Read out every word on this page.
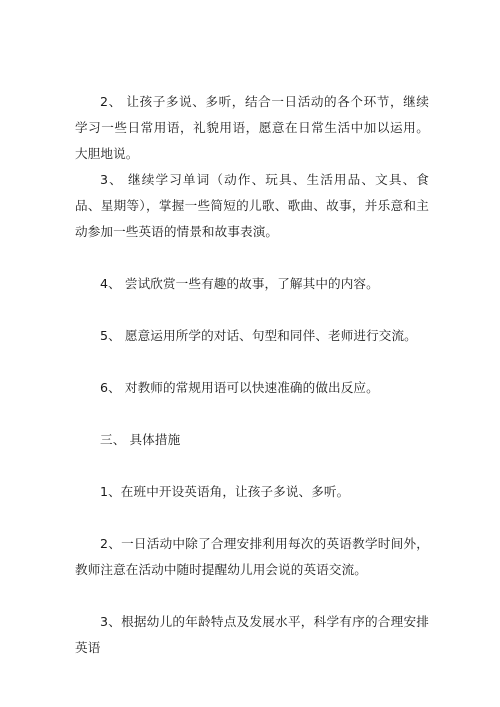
2、 让孩子多说、多听，结合一日活动的各个环节，继续学习一些日常用语，礼貌用语，愿意在日常生活中加以运用。大胆地说。

3、 继续学习单词（动作、玩具、生活用品、文具、食品、星期等），掌握一些简短的儿歌、歌曲、故事，并乐意和主动参加一些英语的情景和故事表演。

4、 尝试欣赏一些有趣的故事，了解其中的内容。

5、 愿意运用所学的对话、句型和同伴、老师进行交流。

6、 对教师的常规用语可以快速准确的做出反应。

三、 具体措施

1、在班中开设英语角，让孩子多说、多听。

2、一日活动中除了合理安排利用每次的英语教学时间外，教师注意在活动中随时提醒幼儿用会说的英语交流。

3、根据幼儿的年龄特点及发展水平，科学有序的合理安排英语
